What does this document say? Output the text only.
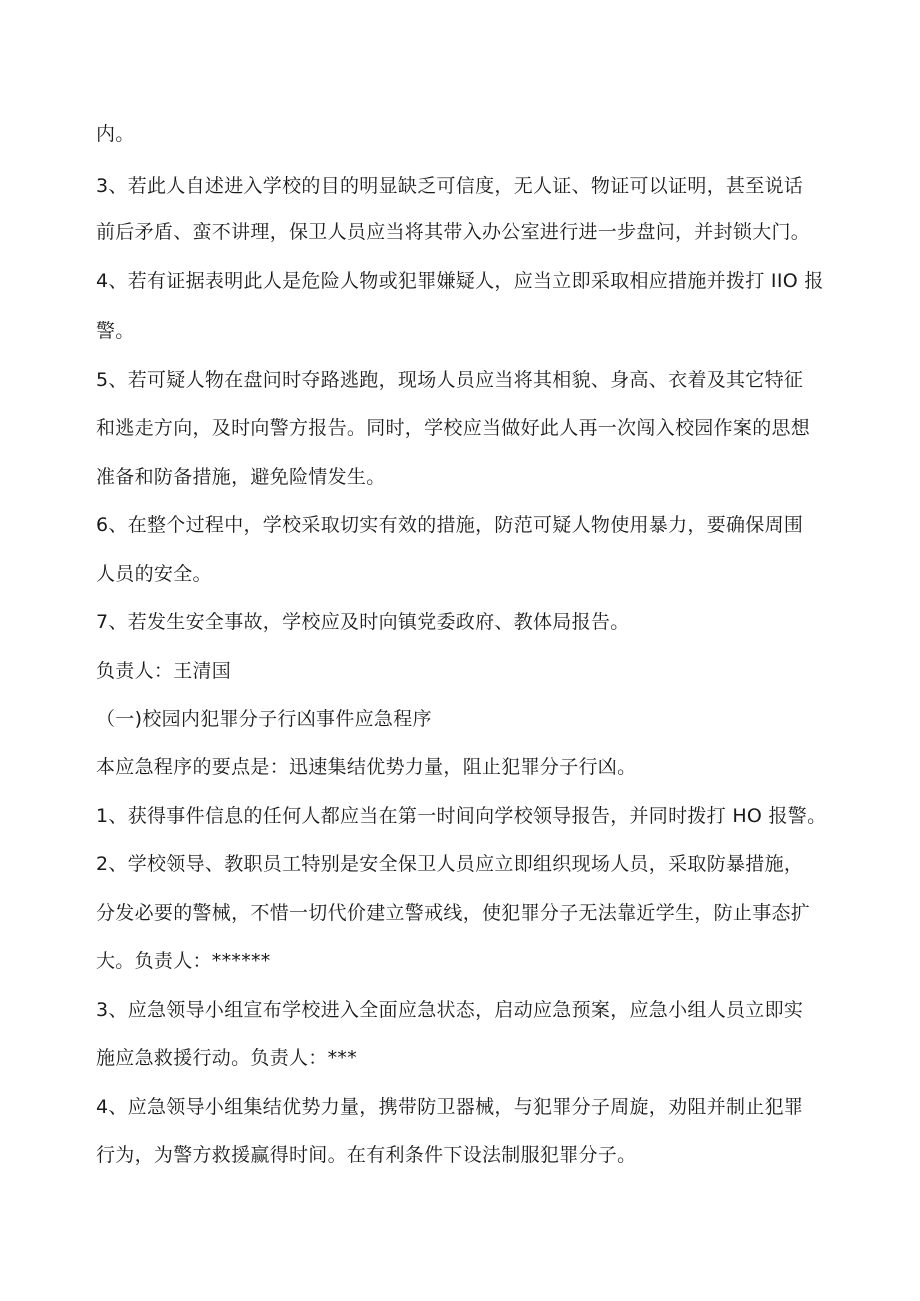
内。
3、若此人自述进入学校的目的明显缺乏可信度，无人证、物证可以证明，甚至说话
前后矛盾、蛮不讲理，保卫人员应当将其带入办公室进行进一步盘问，并封锁大门。
4、若有证据表明此人是危险人物或犯罪嫌疑人，应当立即采取相应措施并拨打 IIO 报
警。
5、若可疑人物在盘问时夺路逃跑，现场人员应当将其相貌、身高、衣着及其它特征
和逃走方向，及时向警方报告。同时，学校应当做好此人再一次闯入校园作案的思想
准备和防备措施，避免险情发生。
6、在整个过程中，学校采取切实有效的措施，防范可疑人物使用暴力，要确保周围
人员的安全。
7、若发生安全事故，学校应及时向镇党委政府、教体局报告。
负责人：王清国
（一)校园内犯罪分子行凶事件应急程序
本应急程序的要点是：迅速集结优势力量，阻止犯罪分子行凶。
1、获得事件信息的任何人都应当在第一时间向学校领导报告，并同时拨打 HO 报警。
2、学校领导、教职员工特别是安全保卫人员应立即组织现场人员，采取防暴措施，
分发必要的警械，不惜一切代价建立警戒线，使犯罪分子无法靠近学生，防止事态扩
大。负责人：******
3、应急领导小组宣布学校进入全面应急状态，启动应急预案，应急小组人员立即实
施应急救援行动。负责人：***
4、应急领导小组集结优势力量，携带防卫器械，与犯罪分子周旋，劝阻并制止犯罪
行为，为警方救援赢得时间。在有利条件下设法制服犯罪分子。
